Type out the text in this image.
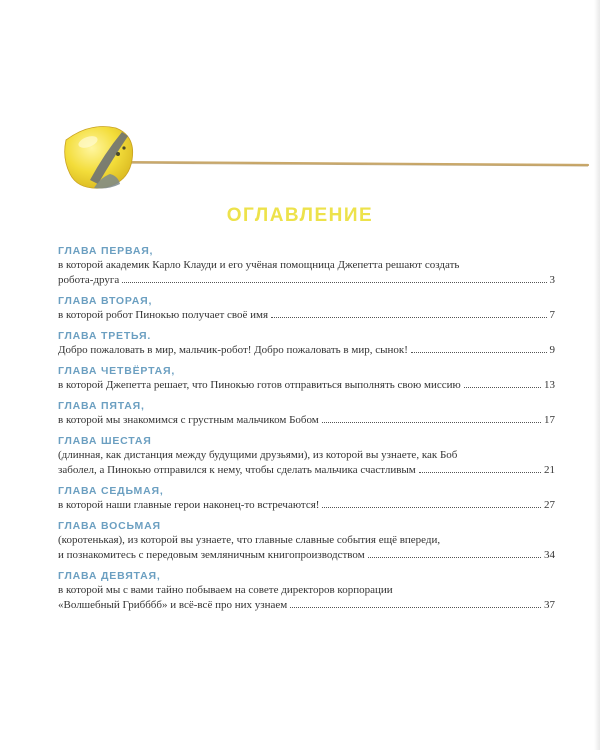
ОГЛАВЛЕНИЕ
ГЛАВА ПЕРВАЯ,
в которой академик Карло Клауди и его учёная помощница Джепетта решают создать
робота-друга	3
ГЛАВА ВТОРАЯ,
в которой робот Пинокью получает своё имя	7
ГЛАВА ТРЕТЬЯ.
Добро пожаловать в мир, мальчик-робот! Добро пожаловать в мир, сынок!	9
ГЛАВА ЧЕТВЁРТАЯ,
в которой Джепетта решает, что Пинокью готов отправиться выполнять свою миссию	13
ГЛАВА ПЯТАЯ,
в которой мы знакомимся с грустным мальчиком Бобом	17
ГЛАВА ШЕСТАЯ
(длинная, как дистанция между будущими друзьями), из которой вы узнаете, как Боб
заболел, а Пинокью отправился к нему, чтобы сделать мальчика счастливым	21
ГЛАВА СЕДЬМАЯ,
в которой наши главные герои наконец-то встречаются!	27
ГЛАВА ВОСЬМАЯ
(коротенькая), из которой вы узнаете, что главные славные события ещё впереди,
и познакомитесь с передовым земляничным книгопроизводством	34
ГЛАВА ДЕВЯТАЯ,
в которой мы с вами тайно побываем на совете директоров корпорации
«Волшебный Грибббб» и всё-всё про них узнаем	37
